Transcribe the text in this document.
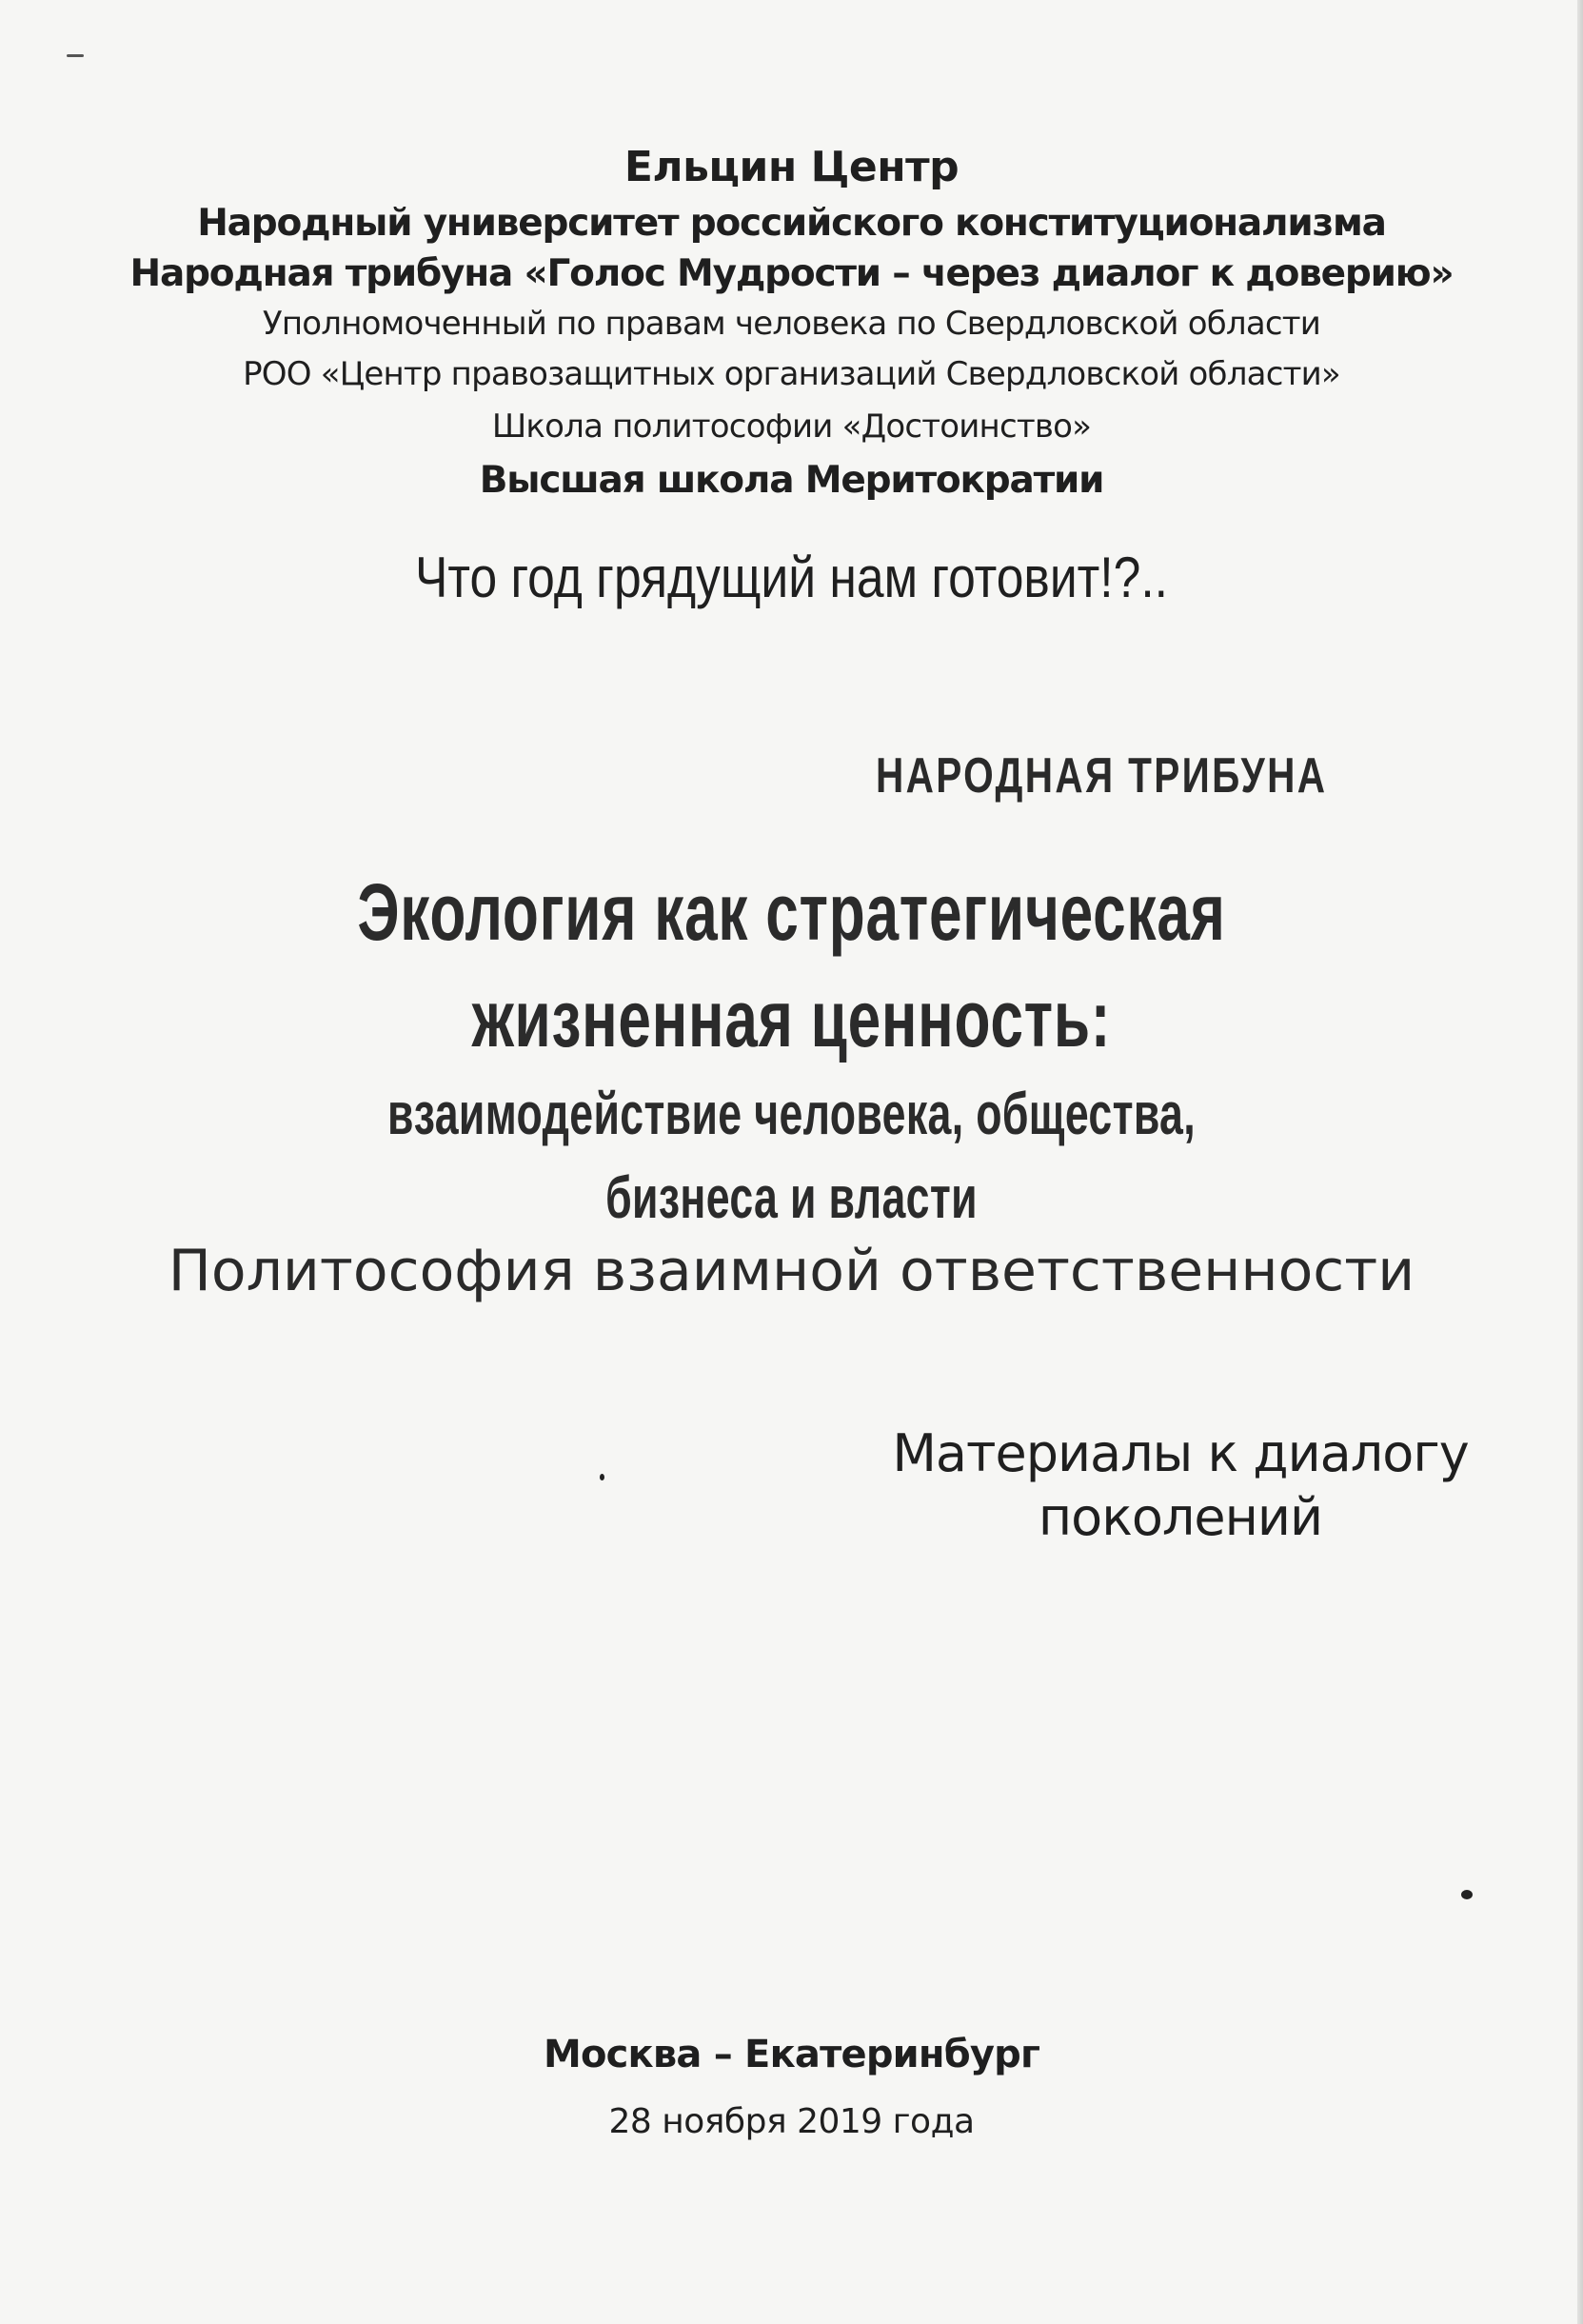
Ельцин Центр
Народный университет российского конституционализма
Народная трибуна «Голос Мудрости – через диалог к доверию»
Уполномоченный по правам человека по Свердловской области
РОО «Центр правозащитных организаций Свердловской области»
Школа политософии «Достоинство»
Высшая школа Меритократии
Что год грядущий нам готовит!?..
НАРОДНАЯ ТРИБУНА
Экология как стратегическая
жизненная ценность:
взаимодействие человека, общества,
бизнеса и власти
Политософия взаимной ответственности
Материалы к диалогу
поколений
Москва – Екатеринбург
28 ноября 2019 года
